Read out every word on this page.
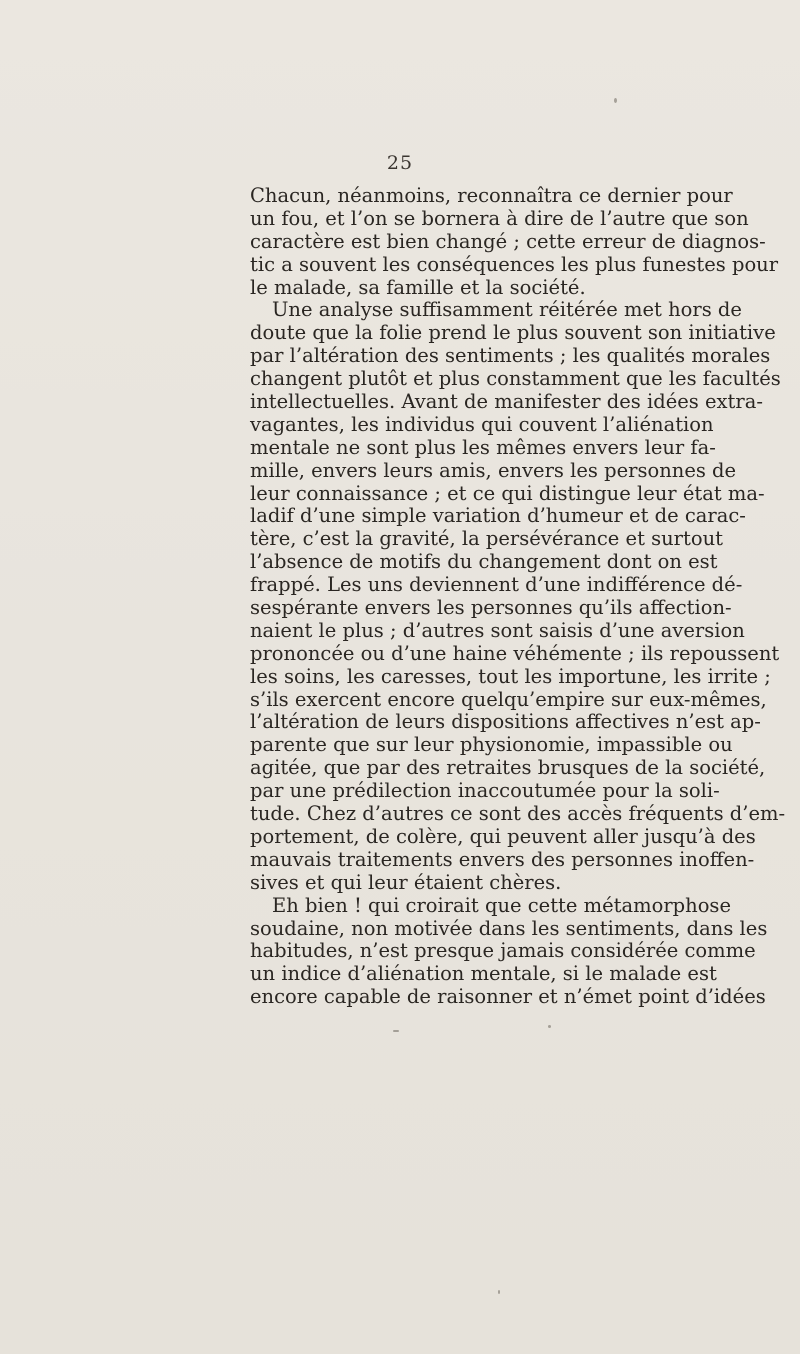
25
Chacun, néanmoins, reconnaîtra ce dernier pour
un fou, et l’on se bornera à dire de l’autre que son
caractère est bien changé ; cette erreur de diagnos-
tic a souvent les conséquences les plus funestes pour
le malade, sa famille et la société.
Une analyse suffisamment réitérée met hors de
doute que la folie prend le plus souvent son initiative
par l’altération des sentiments ; les qualités morales
changent plutôt et plus constamment que les facultés
intellectuelles. Avant de manifester des idées extra-
vagantes, les individus qui couvent l’aliénation
mentale ne sont plus les mêmes envers leur fa-
mille, envers leurs amis, envers les personnes de
leur connaissance ; et ce qui distingue leur état ma-
ladif d’une simple variation d’humeur et de carac-
tère, c’est la gravité, la persévérance et surtout
l’absence de motifs du changement dont on est
frappé. Les uns deviennent d’une indifférence dé-
sespérante envers les personnes qu’ils affection-
naient le plus ; d’autres sont saisis d’une aversion
prononcée ou d’une haine véhémente ; ils repoussent
les soins, les caresses, tout les importune, les irrite ;
s’ils exercent encore quelqu’empire sur eux-mêmes,
l’altération de leurs dispositions affectives n’est ap-
parente que sur leur physionomie, impassible ou
agitée, que par des retraites brusques de la société,
par une prédilection inaccoutumée pour la soli-
tude. Chez d’autres ce sont des accès fréquents d’em-
portement, de colère, qui peuvent aller jusqu’à des
mauvais traitements envers des personnes inoffen-
sives et qui leur étaient chères.
Eh bien ! qui croirait que cette métamorphose
soudaine, non motivée dans les sentiments, dans les
habitudes, n’est presque jamais considérée comme
un indice d’aliénation mentale, si le malade est
encore capable de raisonner et n’émet point d’idées
